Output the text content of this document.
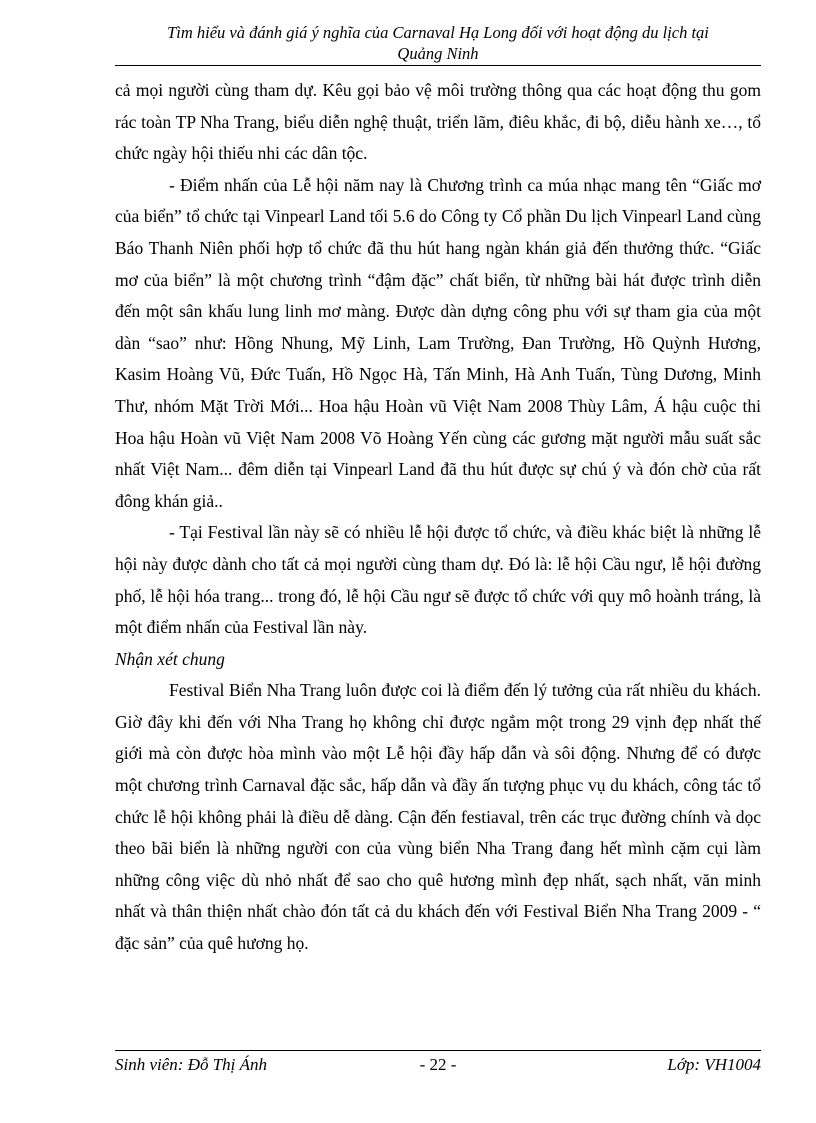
Tìm hiểu và đánh giá ý nghĩa của Carnaval Hạ Long đối với hoạt động du lịch tại
Quảng Ninh

cả mọi người cùng tham dự. Kêu gọi bảo vệ môi trường thông qua các hoạt động thu gom rác toàn TP Nha Trang, biểu diễn nghệ thuật, triển lãm, điêu khắc, đi bộ, diễu hành xe…, tổ chức ngày hội thiếu nhi các dân tộc.

- Điểm nhấn của Lễ hội năm nay là Chương trình ca múa nhạc mang tên “Giấc mơ của biển” tổ chức tại Vinpearl Land tối 5.6 do Công ty Cổ phần Du lịch Vinpearl Land cùng Báo Thanh Niên phối hợp tổ chức đã thu hút hang ngàn khán giả đến thưởng thức. “Giấc mơ của biển” là một chương trình “đậm đặc” chất biển, từ những bài hát được trình diễn đến một sân khấu lung linh mơ màng. Được dàn dựng công phu với sự tham gia của một dàn “sao” như: Hồng Nhung, Mỹ Linh, Lam Trường, Đan Trường, Hồ Quỳnh Hương, Kasim Hoàng Vũ, Đức Tuấn, Hồ Ngọc Hà, Tấn Minh, Hà Anh Tuấn, Tùng Dương, Minh Thư, nhóm Mặt Trời Mới... Hoa hậu Hoàn vũ Việt Nam 2008 Thùy Lâm, Á hậu cuộc thi Hoa hậu Hoàn vũ Việt Nam 2008 Võ Hoàng Yến cùng các gương mặt người mẫu suất sắc nhất Việt Nam... đêm diễn tại Vinpearl Land đã thu hút được sự chú ý và đón chờ của rất đông khán giả..

- Tại Festival lần này sẽ có nhiều lễ hội được tổ chức, và điều khác biệt là những lễ hội này được dành cho tất cả mọi người cùng tham dự. Đó là: lễ hội Cầu ngư, lễ hội đường phố, lễ hội hóa trang... trong đó, lễ hội Cầu ngư sẽ được tổ chức với quy mô hoành tráng, là một điểm nhấn của Festival lần này.

Nhận xét chung

Festival Biển Nha Trang luôn được coi là điểm đến lý tưởng của rất nhiều du khách. Giờ đây khi đến với Nha Trang họ không chỉ được ngắm một trong 29 vịnh đẹp nhất thế giới mà còn được hòa mình vào một Lễ hội đầy hấp dẫn và sôi động. Nhưng để có được một chương trình Carnaval đặc sắc, hấp dẫn và đầy ấn tượng phục vụ du khách, công tác tổ chức lễ hội không phải là điều dễ dàng. Cận đến festiaval, trên các trục đường chính và dọc theo bãi biển là những người con của vùng biển Nha Trang đang hết mình cặm cụi làm những công việc dù nhỏ nhất để sao cho quê hương mình đẹp nhất, sạch nhất, văn minh nhất và thân thiện nhất chào đón tất cả du khách đến với Festival Biển Nha Trang 2009 - “ đặc sản” của quê hương họ.

Sinh viên: Đỗ Thị Ánh	- 22 -	Lớp: VH1004
